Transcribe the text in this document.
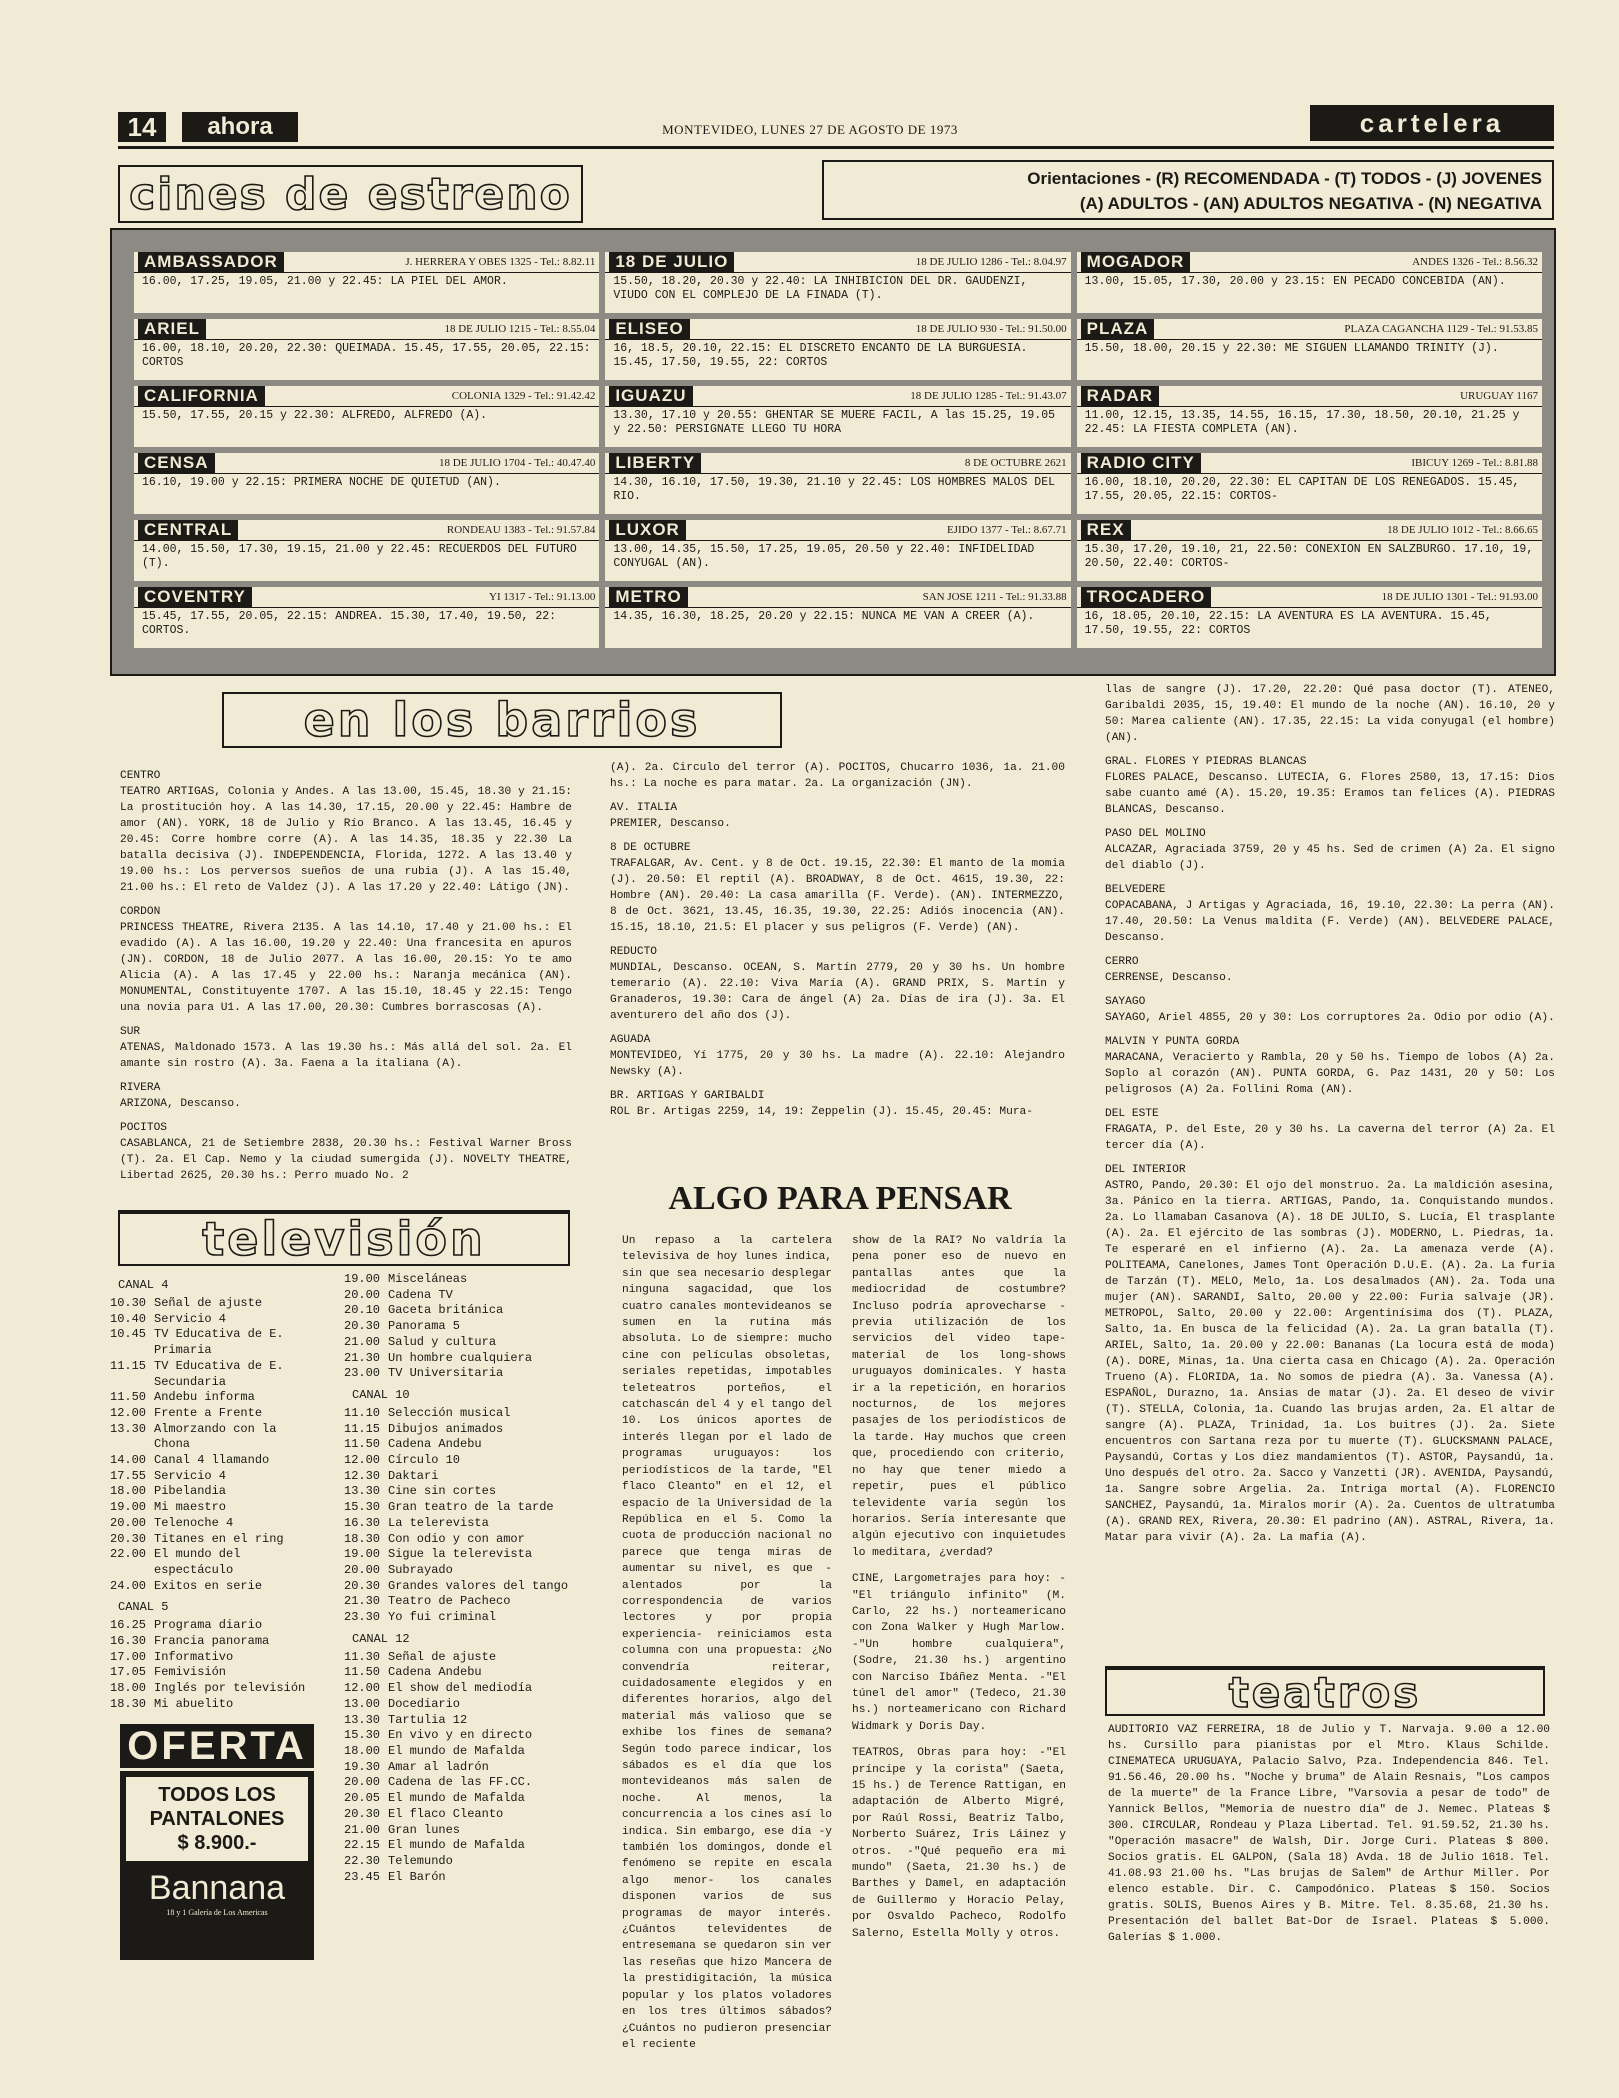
14	ahora	MONTEVIDEO, LUNES 27 DE AGOSTO DE 1973	cartelera
cines de estreno	Orientaciones - (R) RECOMENDADA - (T) TODOS - (J) JOVENES
(A) ADULTOS - (AN) ADULTOS NEGATIVA - (N) NEGATIVA
AMBASSADOR	J. HERRERA Y OBES 1325 - Tel.: 8.82.11
16.00, 17.25, 19.05, 21.00 y 22.45: LA PIEL DEL AMOR.
18 DE JULIO	18 DE JULIO 1286 - Tel.: 8.04.97
15.50, 18.20, 20.30 y 22.40: LA INHIBICION DEL DR. GAUDENZI, VIUDO CON EL COMPLEJO DE LA FINADA (T).
MOGADOR	ANDES 1326 - Tel.: 8.56.32
13.00, 15.05, 17.30, 20.00 y 23.15: EN PECADO CONCEBIDA (AN).
ARIEL	18 DE JULIO 1215 - Tel.: 8.55.04
16.00, 18.10, 20.20, 22.30: QUEIMADA. 15.45, 17.55, 20.05, 22.15: CORTOS
ELISEO	18 DE JULIO 930 - Tel.: 91.50.00
16, 18.5, 20.10, 22.15: EL DISCRETO ENCANTO DE LA BURGUESIA. 15.45, 17.50, 19.55, 22: CORTOS
PLAZA	PLAZA CAGANCHA 1129 - Tel.: 91.53.85
15.50, 18.00, 20.15 y 22.30: ME SIGUEN LLAMANDO TRINITY (J).
CALIFORNIA	COLONIA 1329 - Tel.: 91.42.42
15.50, 17.55, 20.15 y 22.30: ALFREDO, ALFREDO (A).
IGUAZU	18 DE JULIO 1285 - Tel.: 91.43.07
13.30, 17.10 y 20.55: GHENTAR SE MUERE FACIL, A las 15.25, 19.05 y 22.50: PERSIGNATE LLEGO TU HORA
RADAR	URUGUAY 1167
11.00, 12.15, 13.35, 14.55, 16.15, 17.30, 18.50, 20.10, 21.25 y 22.45: LA FIESTA COMPLETA (AN).
CENSA	18 DE JULIO 1704 - Tel.: 40.47.40
16.10, 19.00 y 22.15: PRIMERA NOCHE DE QUIETUD (AN).
LIBERTY	8 DE OCTUBRE 2621
14.30, 16.10, 17.50, 19.30, 21.10 y 22.45: LOS HOMBRES MALOS DEL RIO.
RADIO CITY	IBICUY 1269 - Tel.: 8.81.88
16.00, 18.10, 20.20, 22.30: EL CAPITAN DE LOS RENEGADOS. 15.45, 17.55, 20.05, 22.15: CORTOS-
CENTRAL	RONDEAU 1383 - Tel.: 91.57.84
14.00, 15.50, 17.30, 19.15, 21.00 y 22.45: RECUERDOS DEL FUTURO (T).
LUXOR	EJIDO 1377 - Tel.: 8.67.71
13.00, 14.35, 15.50, 17.25, 19.05, 20.50 y 22.40: INFIDELIDAD CONYUGAL (AN).
REX	18 DE JULIO 1012 - Tel.: 8.66.65
15.30, 17.20, 19.10, 21, 22.50: CONEXION EN SALZBURGO. 17.10, 19, 20.50, 22.40: CORTOS-
COVENTRY	YI 1317 - Tel.: 91.13.00
15.45, 17.55, 20.05, 22.15: ANDREA. 15.30, 17.40, 19.50, 22: CORTOS.
METRO	SAN JOSE 1211 - Tel.: 91.33.88
14.35, 16.30, 18.25, 20.20 y 22.15: NUNCA ME VAN A CREER (A).
TROCADERO	18 DE JULIO 1301 - Tel.: 91.93.00
16, 18.05, 20.10, 22.15: LA AVENTURA ES LA AVENTURA. 15.45, 17.50, 19.55, 22: CORTOS
en los barrios
CENTRO
TEATRO ARTIGAS, Colonia y Andes. A las 13.00, 15.45, 18.30 y 21.15: La prostitución hoy. A las 14.30, 17.15, 20.00 y 22.45: Hambre de amor (AN). YORK, 18 de Julio y Río Branco. A las 13.45, 16.45 y 20.45: Corre hombre corre (A). A las 14.35, 18.35 y 22.30 La batalla decisiva (J). INDEPENDENCIA, Florida, 1272. A las 13.40 y 19.00 hs.: Los perversos sueños de una rubia (J). A las 15.40, 21.00 hs.: El reto de Valdez (J). A las 17.20 y 22.40: Látigo (JN).
CORDON
PRINCESS THEATRE, Rivera 2135. A las 14.10, 17.40 y 21.00 hs.: El evadido (A). A las 16.00, 19.20 y 22.40: Una francesita en apuros (JN). CORDON, 18 de Julio 2077. A las 16.00, 20.15: Yo te amo Alicia (A). A las 17.45 y 22.00 hs.: Naranja mecánica (AN). MONUMENTAL, Constituyente 1707. A las 15.10, 18.45 y 22.15: Tengo una novia para U1. A las 17.00, 20.30: Cumbres borrascosas (A).
SUR
ATENAS, Maldonado 1573. A las 19.30 hs.: Más allá del sol. 2a. El amante sin rostro (A). 3a. Faena a la italiana (A).
RIVERA
ARIZONA, Descanso.
POCITOS
CASABLANCA, 21 de Setiembre 2838, 20.30 hs.: Festival Warner Bross (T). 2a. El Cap. Nemo y la ciudad sumergida (J). NOVELTY THEATRE, Libertad 2625, 20.30 hs.: Perro muado No. 2
(A). 2a. Circulo del terror (A). POCITOS, Chucarro 1036, 1a. 21.00 hs.: La noche es para matar. 2a. La organización (JN).
AV. ITALIA
PREMIER, Descanso.
8 DE OCTUBRE
TRAFALGAR, Av. Cent. y 8 de Oct. 19.15, 22.30: El manto de la momia (J). 20.50: El reptil (A). BROADWAY, 8 de Oct. 4615, 19.30, 22: Hombre (AN). 20.40: La casa amarilla (F. Verde). (AN). INTERMEZZO, 8 de Oct. 3621, 13.45, 16.35, 19.30, 22.25: Adiós inocencia (AN). 15.15, 18.10, 21.5: El placer y sus peligros (F. Verde) (AN).
REDUCTO
MUNDIAL, Descanso. OCEAN, S. Martín 2779, 20 y 30 hs. Un hombre temerario (A). 22.10: Viva María (A). GRAND PRIX, S. Martín y Granaderos, 19.30: Cara de ángel (A) 2a. Días de ira (J). 3a. El aventurero del año dos (J).
AGUADA
MONTEVIDEO, Yí 1775, 20 y 30 hs. La madre (A). 22.10: Alejandro Newsky (A).
BR. ARTIGAS Y GARIBALDI
ROL Br. Artigas 2259, 14, 19: Zeppelin (J). 15.45, 20.45: Mura-
llas de sangre (J). 17.20, 22.20: Qué pasa doctor (T). ATENEO, Garibaldi 2035, 15, 19.40: El mundo de la noche (AN). 16.10, 20 y 50: Marea caliente (AN). 17.35, 22.15: La vida conyugal (el hombre) (AN).
GRAL. FLORES Y PIEDRAS BLANCAS
FLORES PALACE, Descanso. LUTECIA, G. Flores 2580, 13, 17.15: Dios sabe cuanto amé (A). 15.20, 19.35: Eramos tan felices (A). PIEDRAS BLANCAS, Descanso.
PASO DEL MOLINO
ALCAZAR, Agraciada 3759, 20 y 45 hs. Sed de crimen (A) 2a. El signo del diablo (J).
BELVEDERE
COPACABANA, J Artigas y Agraciada, 16, 19.10, 22.30: La perra (AN). 17.40, 20.50: La Venus maldita (F. Verde) (AN). BELVEDERE PALACE, Descanso.
CERRO
CERRENSE, Descanso.
SAYAGO
SAYAGO, Ariel 4855, 20 y 30: Los corruptores 2a. Odio por odio (A).
MALVIN Y PUNTA GORDA
MARACANA, Veracierto y Rambla, 20 y 50 hs. Tiempo de lobos (A) 2a. Soplo al corazón (AN). PUNTA GORDA, G. Paz 1431, 20 y 50: Los peligrosos (A) 2a. Follini Roma (AN).
DEL ESTE
FRAGATA, P. del Este, 20 y 30 hs. La caverna del terror (A) 2a. El tercer día (A).
DEL INTERIOR
ASTRO, Pando, 20.30: El ojo del monstruo. 2a. La maldición asesina, 3a. Pánico en la tierra. ARTIGAS, Pando, 1a. Conquistando mundos. 2a. Lo llamaban Casanova (A). 18 DE JULIO, S. Lucía, El trasplante (A). 2a. El ejército de las sombras (J). MODERNO, L. Piedras, 1a. Te esperaré en el infierno (A). 2a. La amenaza verde (A). POLITEAMA, Canelones, James Tont Operación D.U.E. (A). 2a. La furia de Tarzán (T). MELO, Melo, 1a. Los desalmados (AN). 2a. Toda una mujer (AN). SARANDI, Salto, 20.00 y 22.00: Furia salvaje (JR). METROPOL, Salto, 20.00 y 22.00: Argentinísima dos (T). PLAZA, Salto, 1a. En busca de la felicidad (A). 2a. La gran batalla (T). ARIEL, Salto, 1a. 20.00 y 22.00: Bananas (La locura está de moda) (A). DORE, Minas, 1a. Una cierta casa en Chicago (A). 2a. Operación Trueno (A). FLORIDA, 1a. No somos de piedra (A). 3a. Vanessa (A). ESPAÑOL, Durazno, 1a. Ansias de matar (J). 2a. El deseo de vivir (T). STELLA, Colonia, 1a. Cuando las brujas arden, 2a. El altar de sangre (A). PLAZA, Trinidad, 1a. Los buitres (J). 2a. Siete encuentros con Sartana reza por tu muerte (T). GLUCKSMANN PALACE, Paysandú, Cortas y Los diez mandamientos (T). ASTOR, Paysandú, 1a. Uno después del otro. 2a. Sacco y Vanzetti (JR). AVENIDA, Paysandú, 1a. Sangre sobre Argelia. 2a. Intriga mortal (A). FLORENCIO SANCHEZ, Paysandú, 1a. Miralos morir (A). 2a. Cuentos de ultratumba (A). GRAND REX, Rivera, 20.30: El padrino (AN). ASTRAL, Rivera, 1a. Matar para vivir (A). 2a. La mafia (A).
televisión
CANAL 4
10.30 Señal de ajuste
10.40 Servicio 4
10.45 TV Educativa de E. Primaria
11.15 TV Educativa de E. Secundaria
11.50 Andebu informa
12.00 Frente a Frente
13.30 Almorzando con la Chona
14.00 Canal 4 llamando
17.55 Servicio 4
18.00 Pibelandia
19.00 Mi maestro
20.00 Telenoche 4
20.30 Titanes en el ring
22.00 El mundo del espectáculo
24.00 Exitos en serie
CANAL 5
16.25 Programa diario
16.30 Francia panorama
17.00 Informativo
17.05 Femivisión
18.00 Inglés por televisión
18.30 Mi abuelito
19.00 Misceláneas
20.00 Cadena TV
20.10 Gaceta británica
20.30 Panorama 5
21.00 Salud y cultura
21.30 Un hombre cualquiera
23.00 TV Universitaria
CANAL 10
11.10 Selección musical
11.15 Dibujos animados
11.50 Cadena Andebu
12.00 Círculo 10
12.30 Daktari
13.30 Cine sin cortes
15.30 Gran teatro de la tarde
16.30 La telerevista
18.30 Con odio y con amor
19.00 Sigue la telerevista
20.00 Subrayado
20.30 Grandes valores del tango
21.30 Teatro de Pacheco
23.30 Yo fui criminal
CANAL 12
11.30 Señal de ajuste
11.50 Cadena Andebu
12.00 El show del mediodía
13.00 Docediario
13.30 Tartulia 12
15.30 En vivo y en directo
18.00 El mundo de Mafalda
19.30 Amar al ladrón
20.00 Cadena de las FF.CC.
20.05 El mundo de Mafalda
20.30 El flaco Cleanto
21.00 Gran lunes
22.15 El mundo de Mafalda
22.30 Telemundo
23.45 El Barón
OFERTA
TODOS LOS
PANTALONES
$ 8.900.-
Bannana
18 y 1 Galería de Los Americas
ALGO PARA PENSAR
Un repaso a la cartelera televisiva de hoy lunes indica, sin que sea necesario desplegar ninguna sagacidad, que los cuatro canales montevideanos se sumen en la rutina más absoluta. Lo de siempre: mucho cine con películas obsoletas, seriales repetidas, impotables teleteatros porteños, el catchascán del 4 y el tango del 10. Los únicos aportes de interés llegan por el lado de programas uruguayos: los periodísticos de la tarde, "El flaco Cleanto" en el 12, el espacio de la Universidad de la República en el 5. Como la cuota de producción nacional no parece que tenga miras de aumentar su nivel, es que -alentados por la correspondencia de varios lectores y por propia experiencia- reiniciamos esta columna con una propuesta: ¿No convendría reiterar, cuidadosamente elegidos y en diferentes horarios, algo del material más valioso que se exhibe los fines de semana? Según todo parece indicar, los sábados es el día que los montevideanos más salen de noche. Al menos, la concurrencia a los cines así lo indica. Sin embargo, ese día -y también los domingos, donde el fenómeno se repite en escala algo menor- los canales disponen varios de sus programas de mayor interés. ¿Cuántos televidentes de entresemana se quedaron sin ver las reseñas que hizo Mancera de la prestidigitación, la música popular y los platos voladores en los tres últimos sábados? ¿Cuántos no pudieron presenciar el reciente
show de la RAI? No valdría la pena poner eso de nuevo en pantallas antes que la mediocridad de costumbre? Incluso podría aprovecharse -previa utilización de los servicios del video tape- material de los long-shows uruguayos dominicales. Y hasta ir a la repetición, en horarios nocturnos, de los mejores pasajes de los periodísticos de la tarde. Hay muchos que creen que, procediendo con criterio, no hay que tener miedo a repetir, pues el público televidente varía según los horarios. Sería interesante que algún ejecutivo con inquietudes lo meditara, ¿verdad?
CINE, Largometrajes para hoy: -"El triángulo infinito" (M. Carlo, 22 hs.) norteamericano con Zona Walker y Hugh Marlow. -"Un hombre cualquiera", (Sodre, 21.30 hs.) argentino con Narciso Ibáñez Menta. -"El túnel del amor" (Tedeco, 21.30 hs.) norteamericano con Richard Widmark y Doris Day.
TEATROS, Obras para hoy: -"El príncipe y la corista" (Saeta, 15 hs.) de Terence Rattigan, en adaptación de Alberto Migré, por Raúl Rossi, Beatriz Talbo, Norberto Suárez, Iris Láinez y otros. -"Qué pequeño era mi mundo" (Saeta, 21.30 hs.) de Barthes y Damel, en adaptación de Guillermo y Horacio Pelay, por Osvaldo Pacheco, Rodolfo Salerno, Estella Molly y otros.
teatros
AUDITORIO VAZ FERREIRA, 18 de Julio y T. Narvaja. 9.00 a 12.00 hs. Cursillo para pianistas por el Mtro. Klaus Schilde. CINEMATECA URUGUAYA, Palacio Salvo, Pza. Independencia 846. Tel. 91.56.46, 20.00 hs. "Noche y bruma" de Alain Resnais, "Los campos de la muerte" de la France Libre, "Varsovia a pesar de todo" de Yannick Bellos, "Memoria de nuestro día" de J. Nemec. Plateas $ 300. CIRCULAR, Rondeau y Plaza Libertad. Tel. 91.59.52, 21.30 hs. "Operación masacre" de Walsh, Dir. Jorge Curi. Plateas $ 800. Socios gratis. EL GALPON, (Sala 18) Avda. 18 de Julio 1618. Tel. 41.08.93 21.00 hs. "Las brujas de Salem" de Arthur Miller. Por elenco estable. Dir. C. Campodónico. Plateas $ 150. Socios gratis. SOLIS, Buenos Aires y B. Mitre. Tel. 8.35.68, 21.30 hs. Presentación del ballet Bat-Dor de Israel. Plateas $ 5.000. Galerías $ 1.000.
